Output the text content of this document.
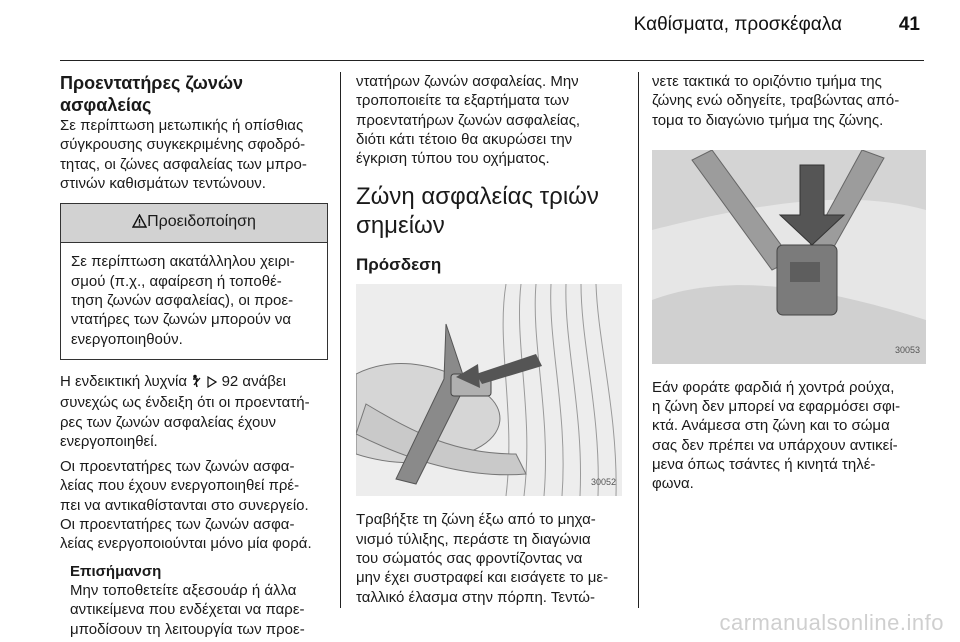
Καθίσματα, προσκέφαλα	41
Προεντατήρες ζωνών
ασφαλείας
Σε περίπτωση μετωπικής ή οπίσθιας
σύγκρουσης συγκεκριμένης σφοδρό-
τητας, οι ζώνες ασφαλείας των μπρο-
στινών καθισμάτων τεντώνουν.
Προειδοποίηση
Σε περίπτωση ακατάλληλου χειρι-
σμού (π.χ., αφαίρεση ή τοποθέ-
τηση ζωνών ασφαλείας), οι προε-
ντατήρες των ζωνών μπορούν να
ενεργοποιηθούν.
Η ενδεικτική λυχνία 92 ανάβει
συνεχώς ως ένδειξη ότι οι προεντατή-
ρες των ζωνών ασφαλείας έχουν
ενεργοποιηθεί.
Οι προεντατήρες των ζωνών ασφα-
λείας που έχουν ενεργοποιηθεί πρέ-
πει να αντικαθίστανται στο συνεργείο.
Οι προεντατήρες των ζωνών ασφα-
λείας ενεργοποιούνται μόνο μία φορά.
Επισήμανση
Μην τοποθετείτε αξεσουάρ ή άλλα
αντικείμενα που ενδέχεται να παρε-
μποδίσουν τη λειτουργία των προε-
ντατήρων ζωνών ασφαλείας. Μην
τροποποιείτε τα εξαρτήματα των
προεντατήρων ζωνών ασφαλείας,
διότι κάτι τέτοιο θα ακυρώσει την
έγκριση τύπου του οχήματος.
Ζώνη ασφαλείας τριών
σημείων
Πρόσδεση
30052
Τραβήξτε τη ζώνη έξω από το μηχα-
νισμό τύλιξης, περάστε τη διαγώνια
του σώματός σας φροντίζοντας να
μην έχει συστραφεί και εισάγετε το με-
ταλλικό έλασμα στην πόρπη. Τεντώ-
νετε τακτικά το οριζόντιο τμήμα της
ζώνης ενώ οδηγείτε, τραβώντας από-
τομα το διαγώνιο τμήμα της ζώνης.
30053
Εάν φοράτε φαρδιά ή χοντρά ρούχα,
η ζώνη δεν μπορεί να εφαρμόσει σφι-
κτά. Ανάμεσα στη ζώνη και το σώμα
σας δεν πρέπει να υπάρχουν αντικεί-
μενα όπως τσάντες ή κινητά τηλέ-
φωνα.
carmanualsonline.info
